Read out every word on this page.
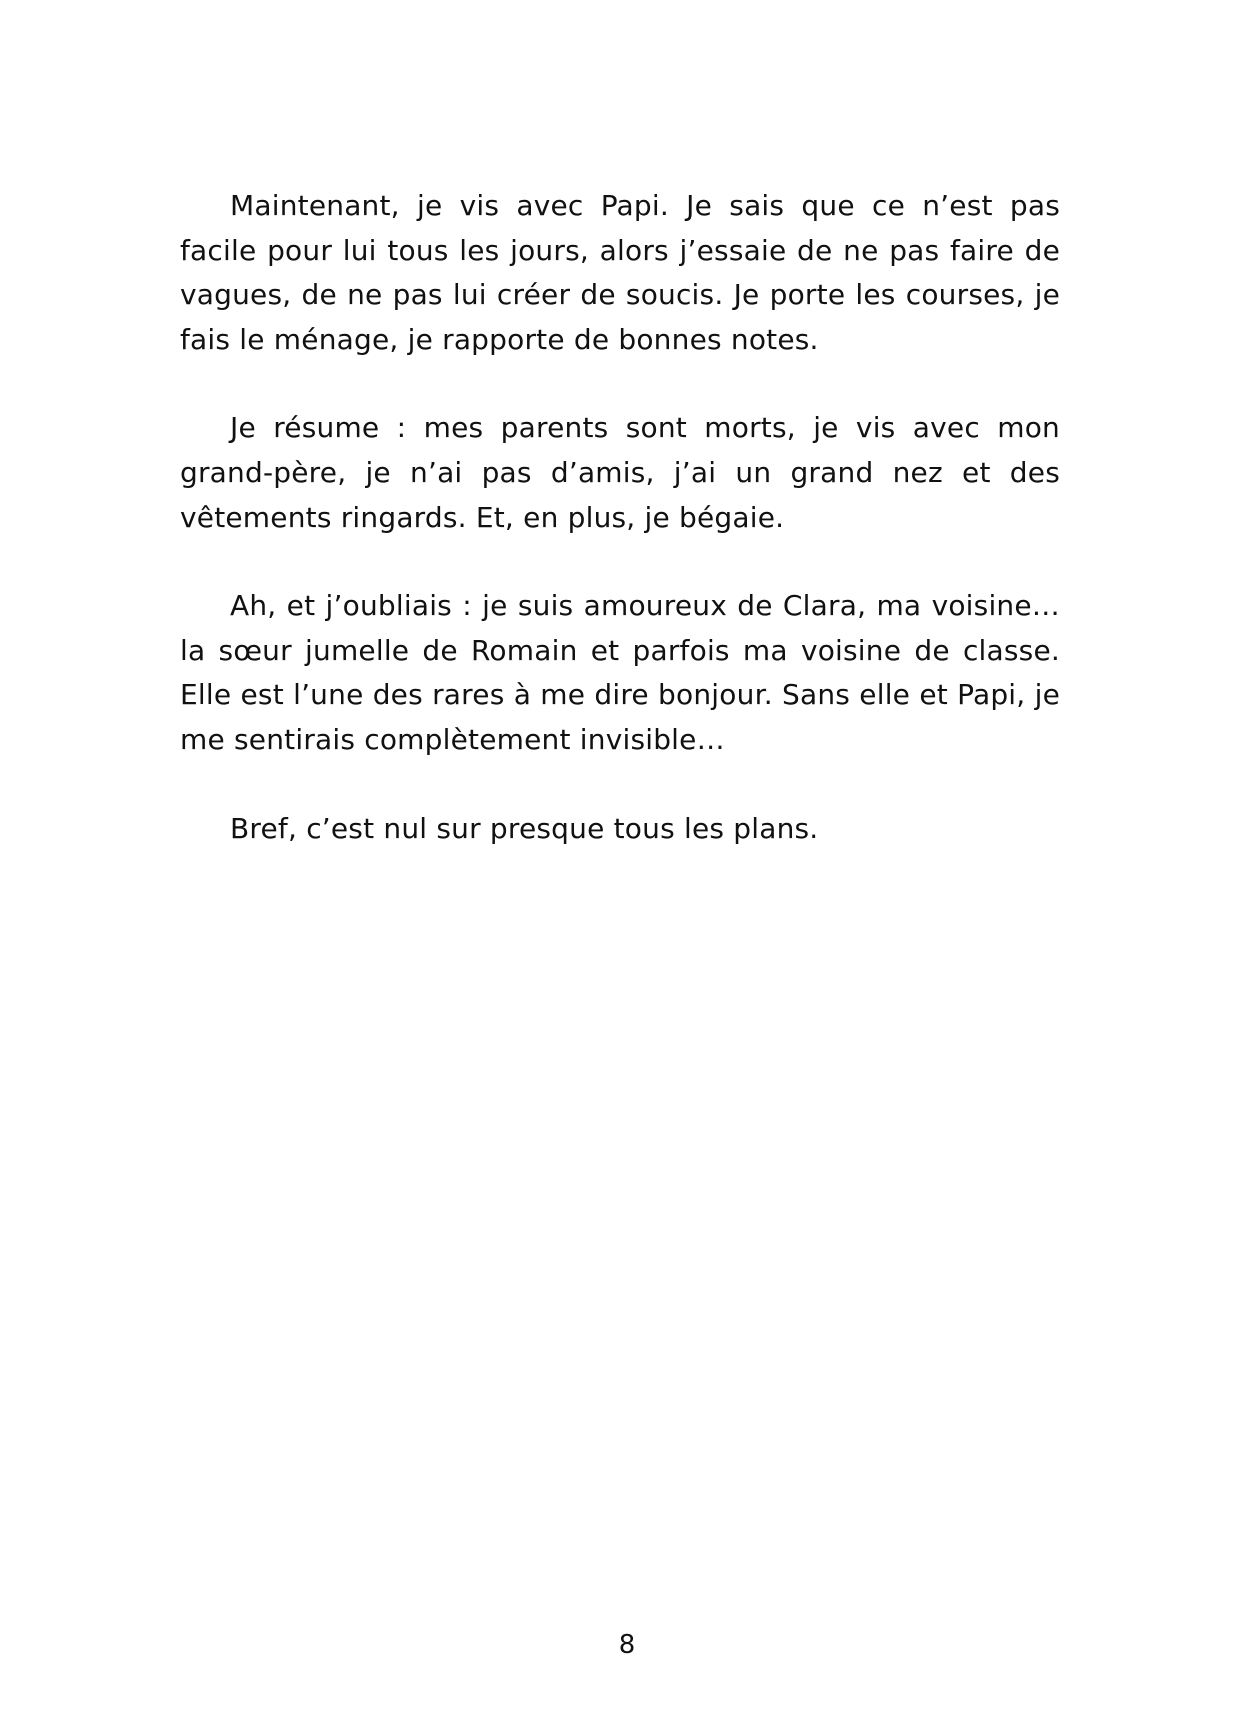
Maintenant, je vis avec Papi. Je sais que ce n’est pas facile pour lui tous les jours, alors j’essaie de ne pas faire de vagues, de ne pas lui créer de soucis. Je porte les courses, je fais le ménage, je rapporte de bonnes notes.

Je résume : mes parents sont morts, je vis avec mon grand-père, je n’ai pas d’amis, j’ai un grand nez et des vêtements ringards. Et, en plus, je bégaie.

Ah, et j’oubliais : je suis amoureux de Clara, ma voisine… la sœur jumelle de Romain et parfois ma voisine de classe. Elle est l’une des rares à me dire bonjour. Sans elle et Papi, je me sentirais complètement invisible…

Bref, c’est nul sur presque tous les plans.

8
